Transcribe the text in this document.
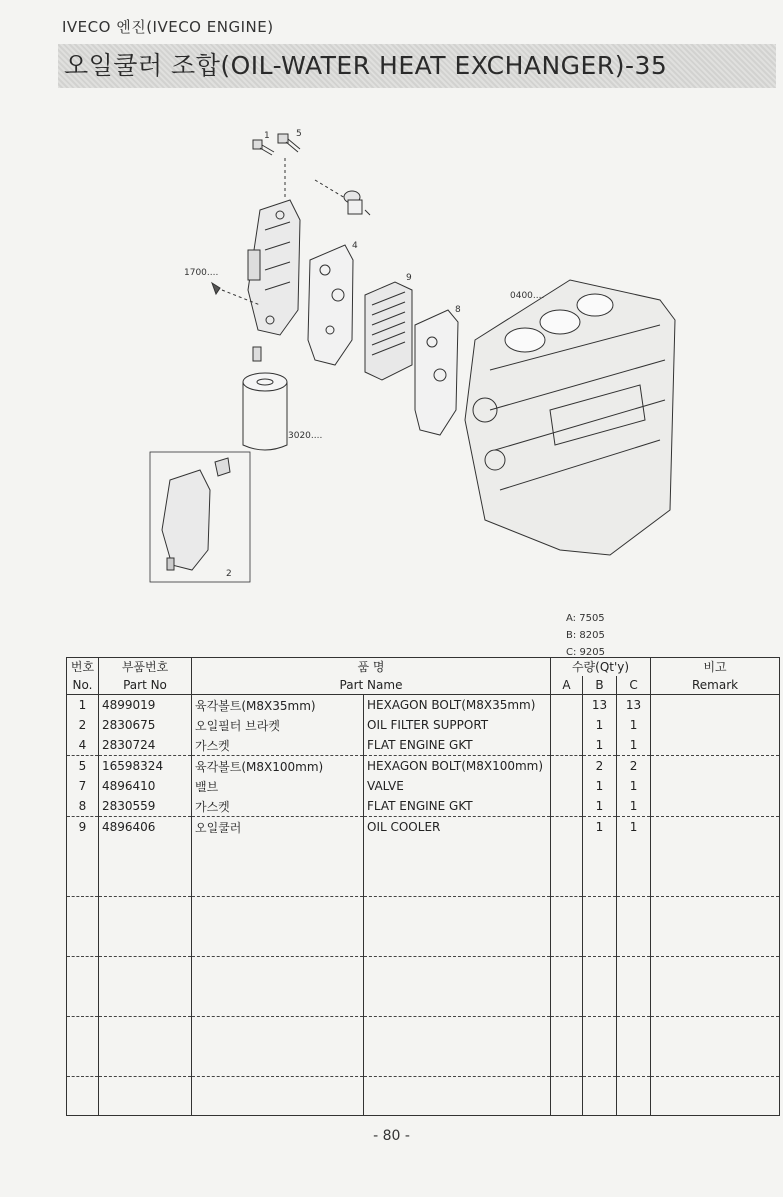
IVECO 엔진(IVECO ENGINE)
오일쿨러 조합(OIL-WATER HEAT EXCHANGER)-35
1	5
4
9
8
1700....
0400....
3020....
2
A: 7505
B: 8205
C: 9205
번호	부품번호	품 명		수량(Qt'y)			비고
No.	Part No	Part Name		A	B	C	Remark
1	4899019	육각볼트(M8X35mm)	HEXAGON BOLT(M8X35mm)		13	13	
2	2830675	오일필터 브라켓	OIL FILTER SUPPORT		1	1	
4	2830724	가스켓	FLAT ENGINE GKT		1	1	
5	16598324	육각볼트(M8X100mm)	HEXAGON BOLT(M8X100mm)		2	2	
7	4896410	밸브	VALVE		1	1	
8	2830559	가스켓	FLAT ENGINE GKT		1	1	
9	4896406	오일쿨러	OIL COOLER		1	1	

- 80 -
